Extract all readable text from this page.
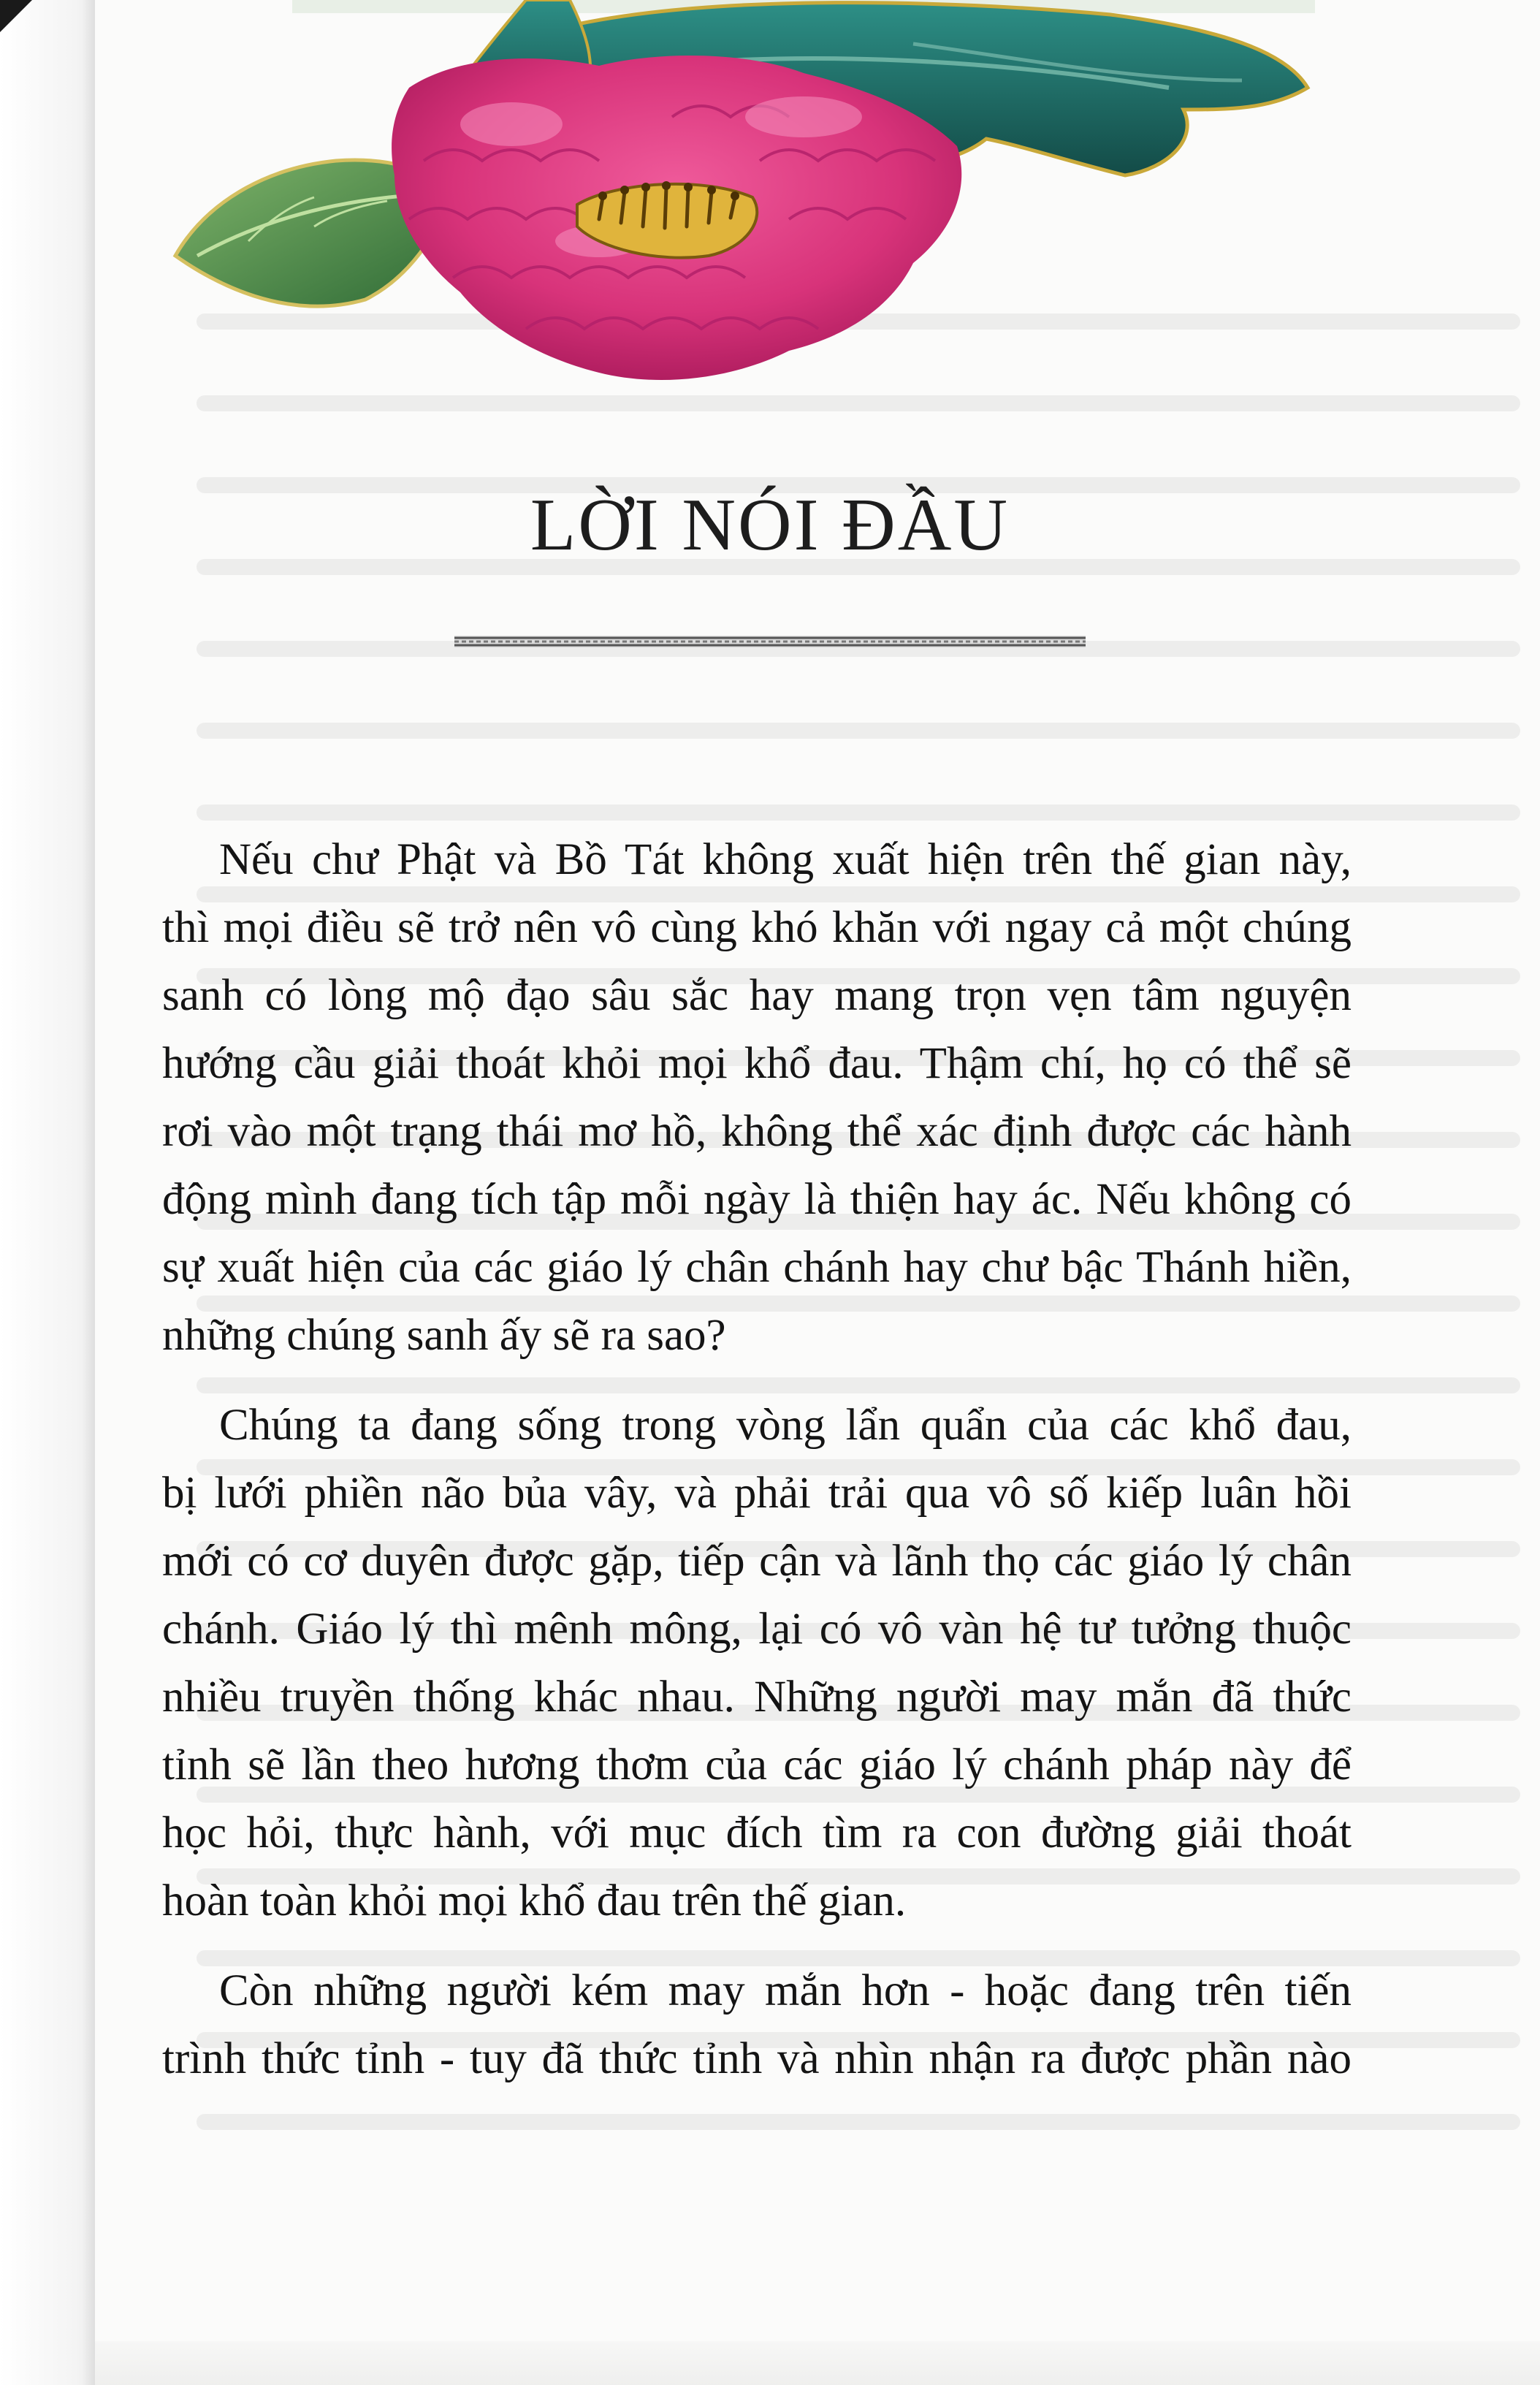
LỜI NÓI ĐẦU
Nếu chư Phật và Bồ Tát không xuất hiện trên thế gian này,
thì mọi điều sẽ trở nên vô cùng khó khăn với ngay cả một chúng
sanh có lòng mộ đạo sâu sắc hay mang trọn vẹn tâm nguyện
hướng cầu giải thoát khỏi mọi khổ đau. Thậm chí, họ có thể sẽ
rơi vào một trạng thái mơ hồ, không thể xác định được các hành
động mình đang tích tập mỗi ngày là thiện hay ác. Nếu không có
sự xuất hiện của các giáo lý chân chánh hay chư bậc Thánh hiền,
những chúng sanh ấy sẽ ra sao?
Chúng ta đang sống trong vòng lẩn quẩn của các khổ đau,
bị lưới phiền não bủa vây, và phải trải qua vô số kiếp luân hồi
mới có cơ duyên được gặp, tiếp cận và lãnh thọ các giáo lý chân
chánh. Giáo lý thì mênh mông, lại có vô vàn hệ tư tưởng thuộc
nhiều truyền thống khác nhau. Những người may mắn đã thức
tỉnh sẽ lần theo hương thơm của các giáo lý chánh pháp này để
học hỏi, thực hành, với mục đích tìm ra con đường giải thoát
hoàn toàn khỏi mọi khổ đau trên thế gian.
Còn những người kém may mắn hơn - hoặc đang trên tiến
trình thức tỉnh - tuy đã thức tỉnh và nhìn nhận ra được phần nào
